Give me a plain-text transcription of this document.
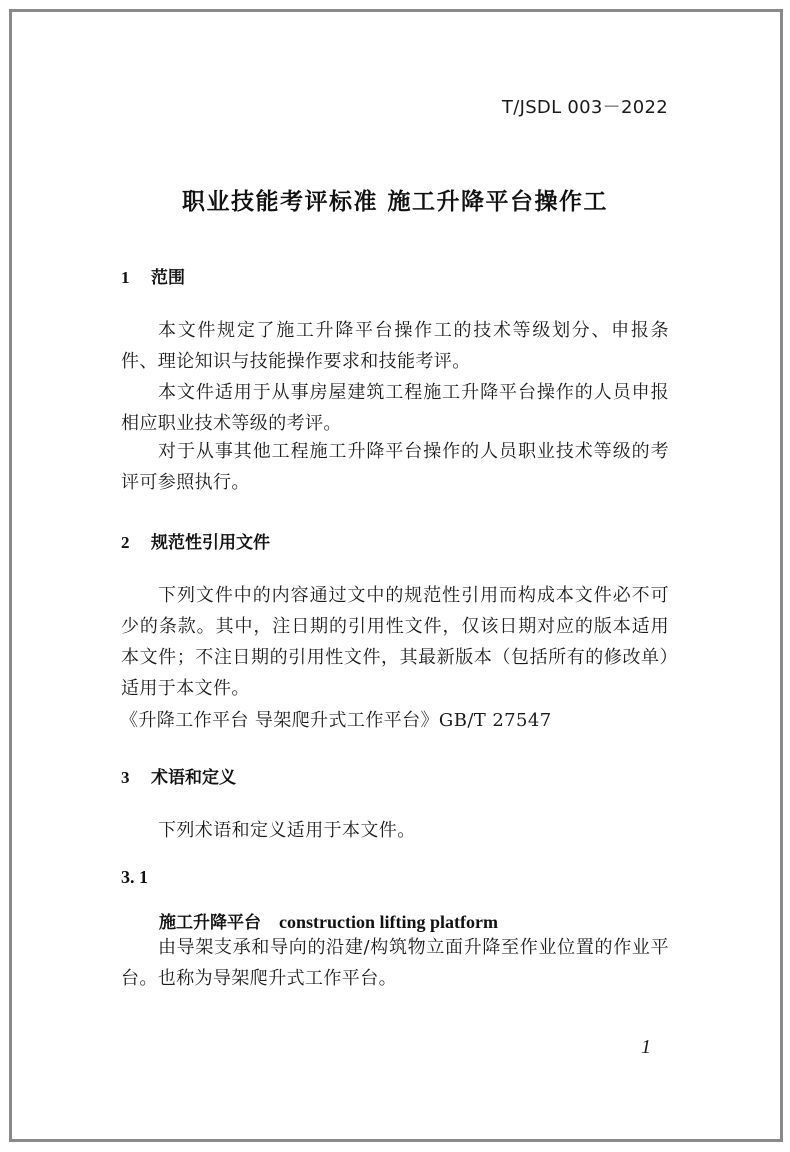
T/JSDL 003－2022
职业技能考评标准 施工升降平台操作工
1 范围
本文件规定了施工升降平台操作工的技术等级划分、申报条件、理论知识与技能操作要求和技能考评。
本文件适用于从事房屋建筑工程施工升降平台操作的人员申报相应职业技术等级的考评。
对于从事其他工程施工升降平台操作的人员职业技术等级的考评可参照执行。
2 规范性引用文件
下列文件中的内容通过文中的规范性引用而构成本文件必不可少的条款。其中，注日期的引用性文件，仅该日期对应的版本适用本文件；不注日期的引用性文件，其最新版本（包括所有的修改单）适用于本文件。
《升降工作平台 导架爬升式工作平台》GB/T 27547
3 术语和定义
下列术语和定义适用于本文件。
3. 1
施工升降平台 construction lifting platform
由导架支承和导向的沿建/构筑物立面升降至作业位置的作业平台。也称为导架爬升式工作平台。
1
